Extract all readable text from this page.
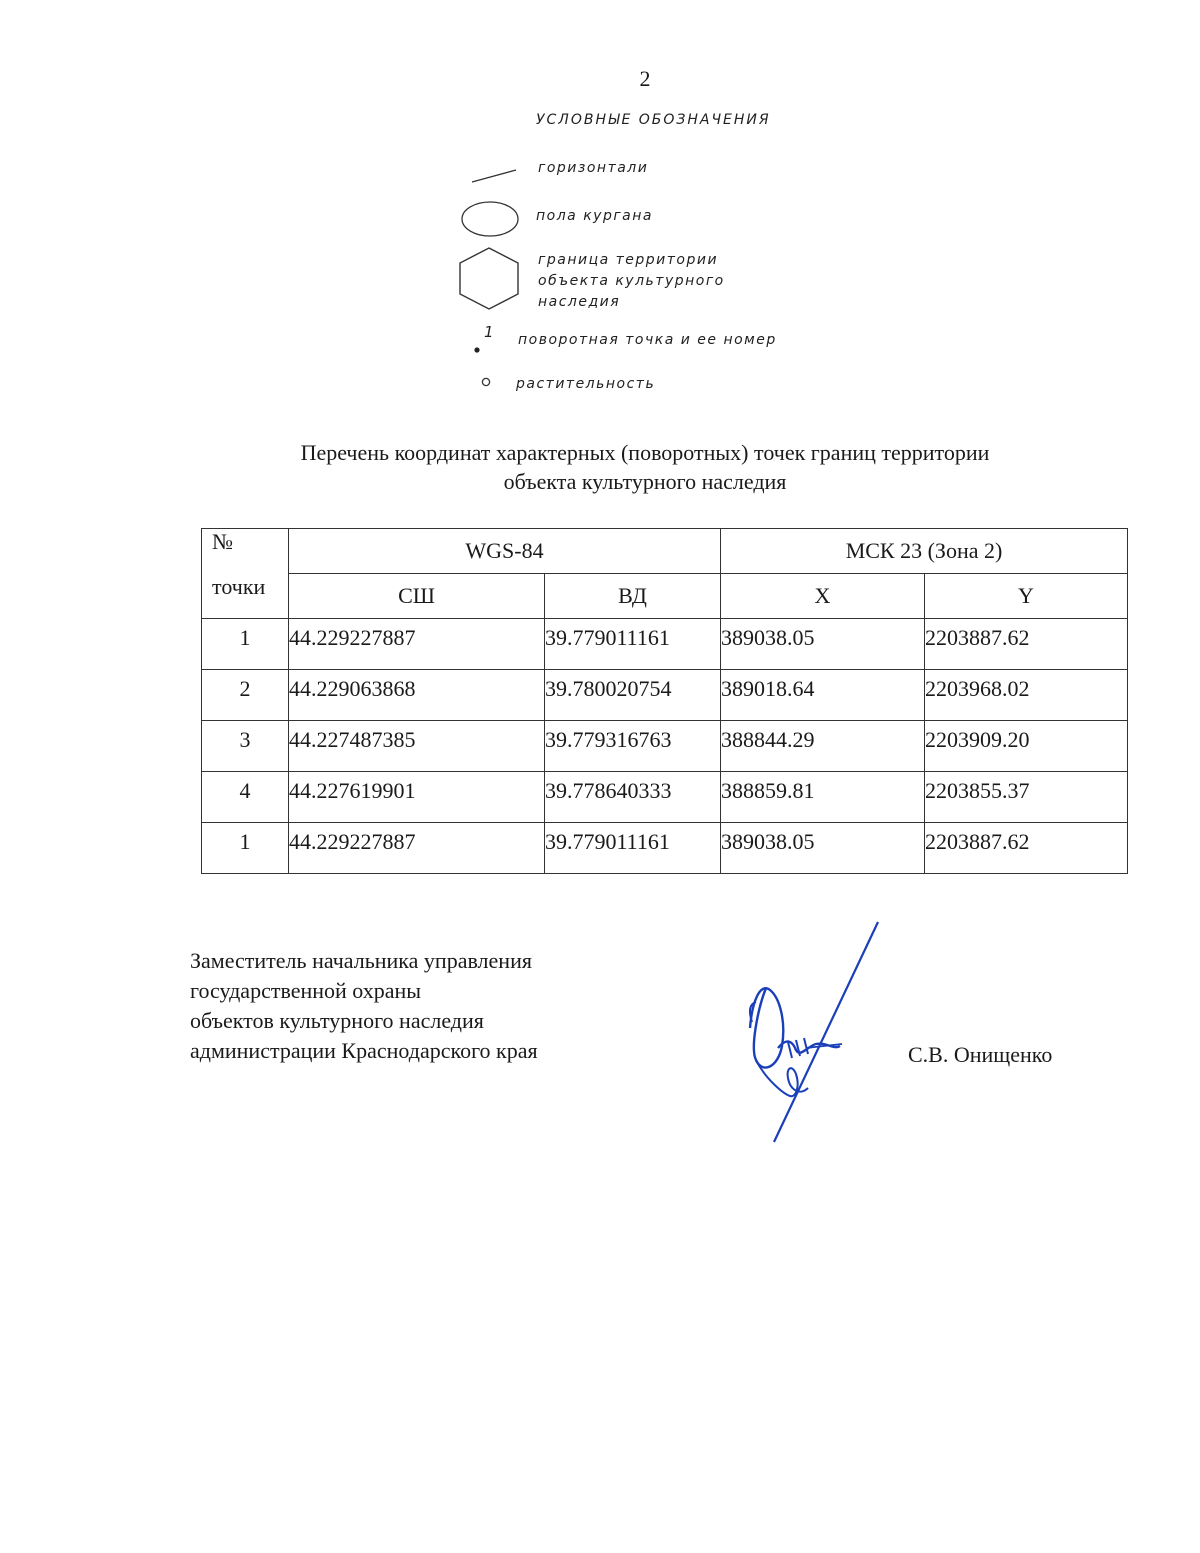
2
УСЛОВНЫЕ ОБОЗНАЧЕНИЯ
горизонтали
пола кургана
граница территории
объекта культурного
наследия
1 поворотная точка и ее номер
растительность
Перечень координат характерных (поворотных) точек границ территории
объекта культурного наследия
№	WGS-84		МСК 23 (Зона 2)	
точки	СШ	ВД	X	Y
1	44.229227887	39.779011161	389038.05	2203887.62
2	44.229063868	39.780020754	389018.64	2203968.02
3	44.227487385	39.779316763	388844.29	2203909.20
4	44.227619901	39.778640333	388859.81	2203855.37
1	44.229227887	39.779011161	389038.05	2203887.62
Заместитель начальника управления
государственной охраны
объектов культурного наследия
администрации Краснодарского края	С.В. Онищенко
